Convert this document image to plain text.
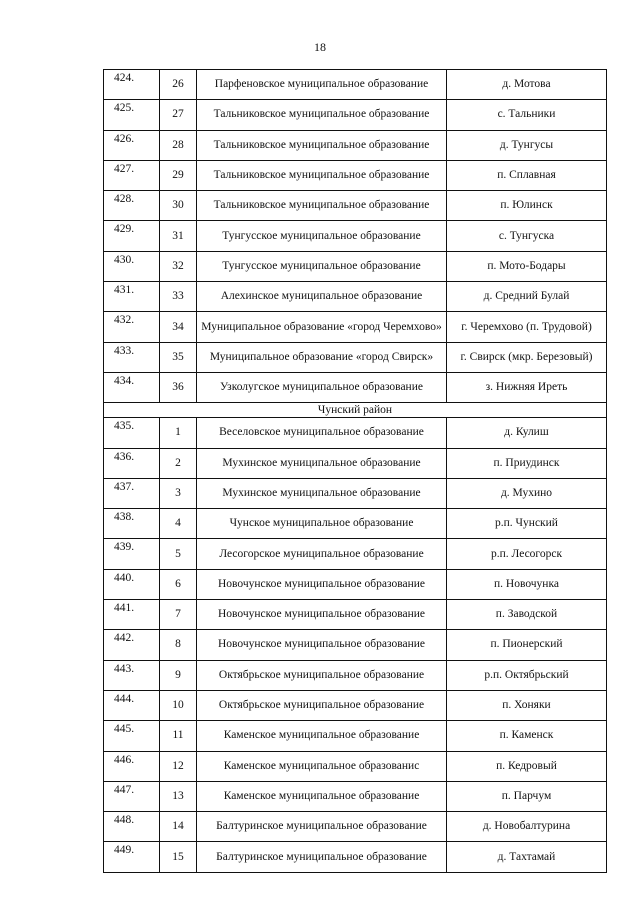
18
424.	26	Парфеновское муниципальное образование	д. Мотова
425.	27	Тальниковское муниципальное образование	с. Тальники
426.	28	Тальниковское муниципальное образование	д. Тунгусы
427.	29	Тальниковское муниципальное образование	п. Сплавная
428.	30	Тальниковское муниципальное образование	п. Юлинск
429.	31	Тунгусское муниципальное образование	с. Тунгуска
430.	32	Тунгусское муниципальное образование	п. Мото-Бодары
431.	33	Алехинское муниципальное образование	д. Средний Булай
432.	34	Муниципальное образование «город Черемхово»	г. Черемхово (п. Трудовой)
433.	35	Муниципальное образование «город Свирск»	г. Свирск (мкр. Березовый)
434.	36	Узколугское муниципальное образование	з. Нижняя Иреть
Чунский район			
435.	1	Веселовское муниципальное образование	д. Кулиш
436.	2	Мухинское муниципальное образование	п. Приудинск
437.	3	Мухинское муниципальное образование	д. Мухино
438.	4	Чунское муниципальное образование	р.п. Чунский
439.	5	Лесогорское муниципальное образование	р.п. Лесогорск
440.	6	Новочунское муниципальное образование	п. Новочунка
441.	7	Новочунское муниципальное образование	п. Заводской
442.	8	Новочунское муниципальное образование	п. Пионерский
443.	9	Октябрьское муниципальное образование	р.п. Октябрьский
444.	10	Октябрьское муниципальное образование	п. Хоняки
445.	11	Каменское муниципальное образование	п. Каменск
446.	12	Каменское муниципальное образованис	п. Кедровый
447.	13	Каменское муниципальное образование	п. Парчум
448.	14	Балтуринское муниципальное образование	д. Новобалтурина
449.	15	Балтуринское муниципальное образование	д. Тахтамай
